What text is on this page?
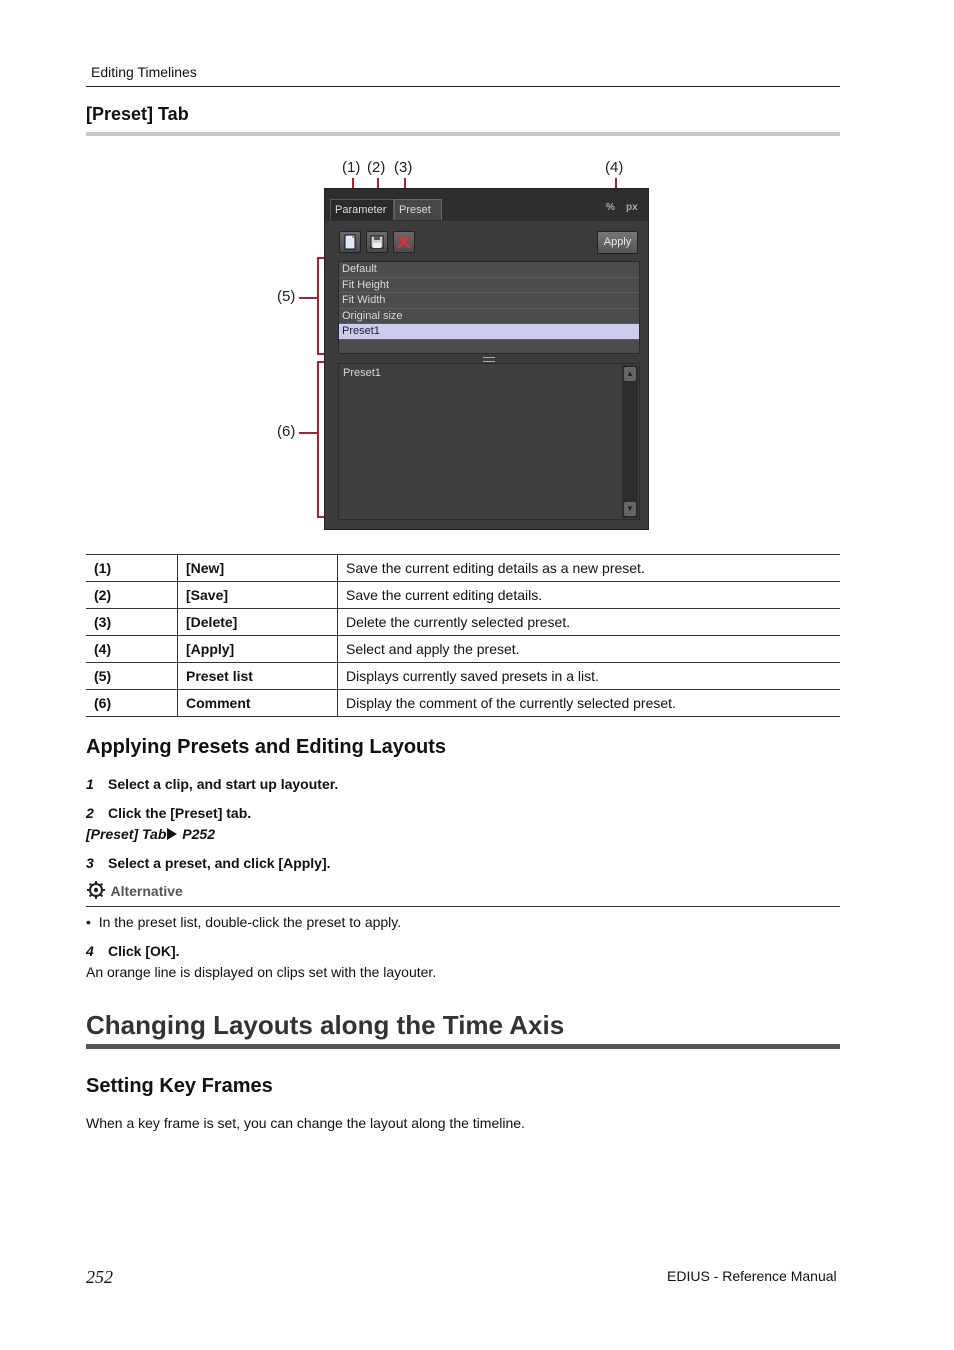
Editing Timelines
[Preset] Tab
(1) (2) (3)	(4)
(5)
(6)
Parameter	Preset	% px
Apply
Default
Fit Height
Fit Width
Original size
Preset1
Preset1	▲
▼
(1)	[New]	Save the current editing details as a new preset.
(2)	[Save]	Save the current editing details.
(3)	[Delete]	Delete the currently selected preset.
(4)	[Apply]	Select and apply the preset.
(5)	Preset list	Displays currently saved presets in a list.
(6)	Comment	Display the comment of the currently selected preset.
Applying Presets and Editing Layouts
1 Select a clip, and start up layouter.
2 Click the [Preset] tab.
[Preset] Tab P252
3 Select a preset, and click [Apply].
Alternative
•  In the preset list, double-click the preset to apply.
4 Click [OK].
An orange line is displayed on clips set with the layouter.
Changing Layouts along the Time Axis
Setting Key Frames
When a key frame is set, you can change the layout along the timeline.
252	EDIUS - Reference Manual
